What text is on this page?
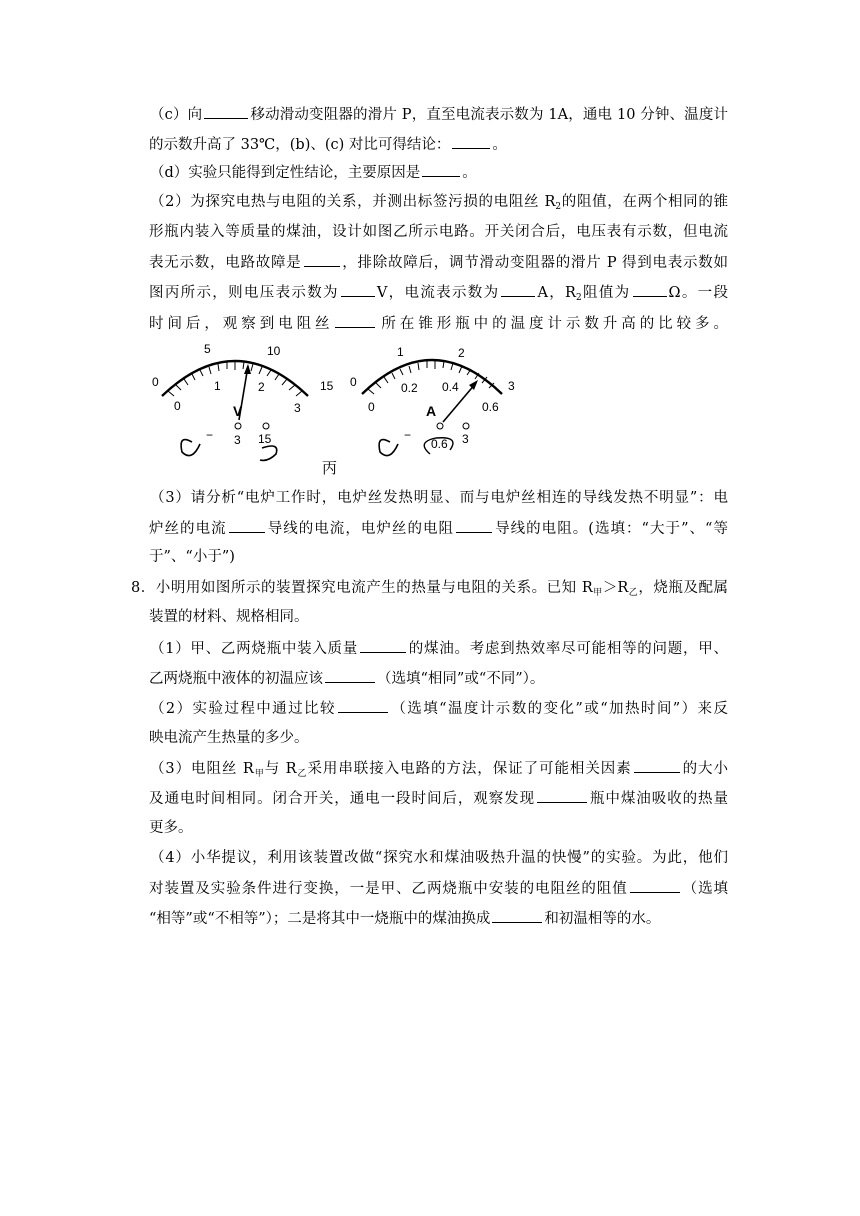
（c）向	移动滑动变阻器的滑片 P，直至电流表示数为 1A，通电 10 分钟、温度计
的示数升高了 33℃，(b)、(c) 对比可得结论：	。
（d）实验只能得到定性结论，主要原因是	。
（2）为探究电热与电阻的关系，并测出标签污损的电阻丝 $R_2$的阻值，在两个相同的锥
形瓶内装入等质量的煤油，设计如图乙所示电路。开关闭合后，电压表有示数，但电流
表无示数，电路故障是	，排除故障后，调节滑动变阻器的滑片 P 得到电表示数如
图丙所示，则电压表示数为	V，电流表示数为	A，$R_2$阻值为	Ω。一段
时间后，观察到电阻丝	所在锥形瓶中的温度计示数升高的比较多。
0
5	10
15
0
1	2
3
V
− 3 15
0
1	2
3
0
0.2 0.4
0.6
A
−
0.6 3
丙
（3）请分析“电炉工作时，电炉丝发热明显、而与电炉丝相连的导线发热不明显”：电
炉丝的电流	导线的电流，电炉丝的电阻	导线的电阻。(选填：“大于”、“等
于”、“小于”)
8．小明用如图所示的装置探究电流产生的热量与电阻的关系。已知 $R_甲>R_乙$，烧瓶及配属
装置的材料、规格相同。
（1）甲、乙两烧瓶中装入质量	的煤油。考虑到热效率尽可能相等的问题，甲、
乙两烧瓶中液体的初温应该	（选填“相同”或“不同”）。
（2）实验过程中通过比较	（选填“温度计示数的变化”或“加热时间”）来反
映电流产生热量的多少。
（3）电阻丝 $R_甲$与 $R_乙$采用串联接入电路的方法，保证了可能相关因素	的大小
及通电时间相同。闭合开关，通电一段时间后，观察发现	瓶中煤油吸收的热量
更多。
（4）小华提议，利用该装置改做“探究水和煤油吸热升温的快慢”的实验。为此，他们
对装置及实验条件进行变换，一是甲、乙两烧瓶中安装的电阻丝的阻值	（选填
“相等”或“不相等”）；二是将其中一烧瓶中的煤油换成	和初温相等的水。
